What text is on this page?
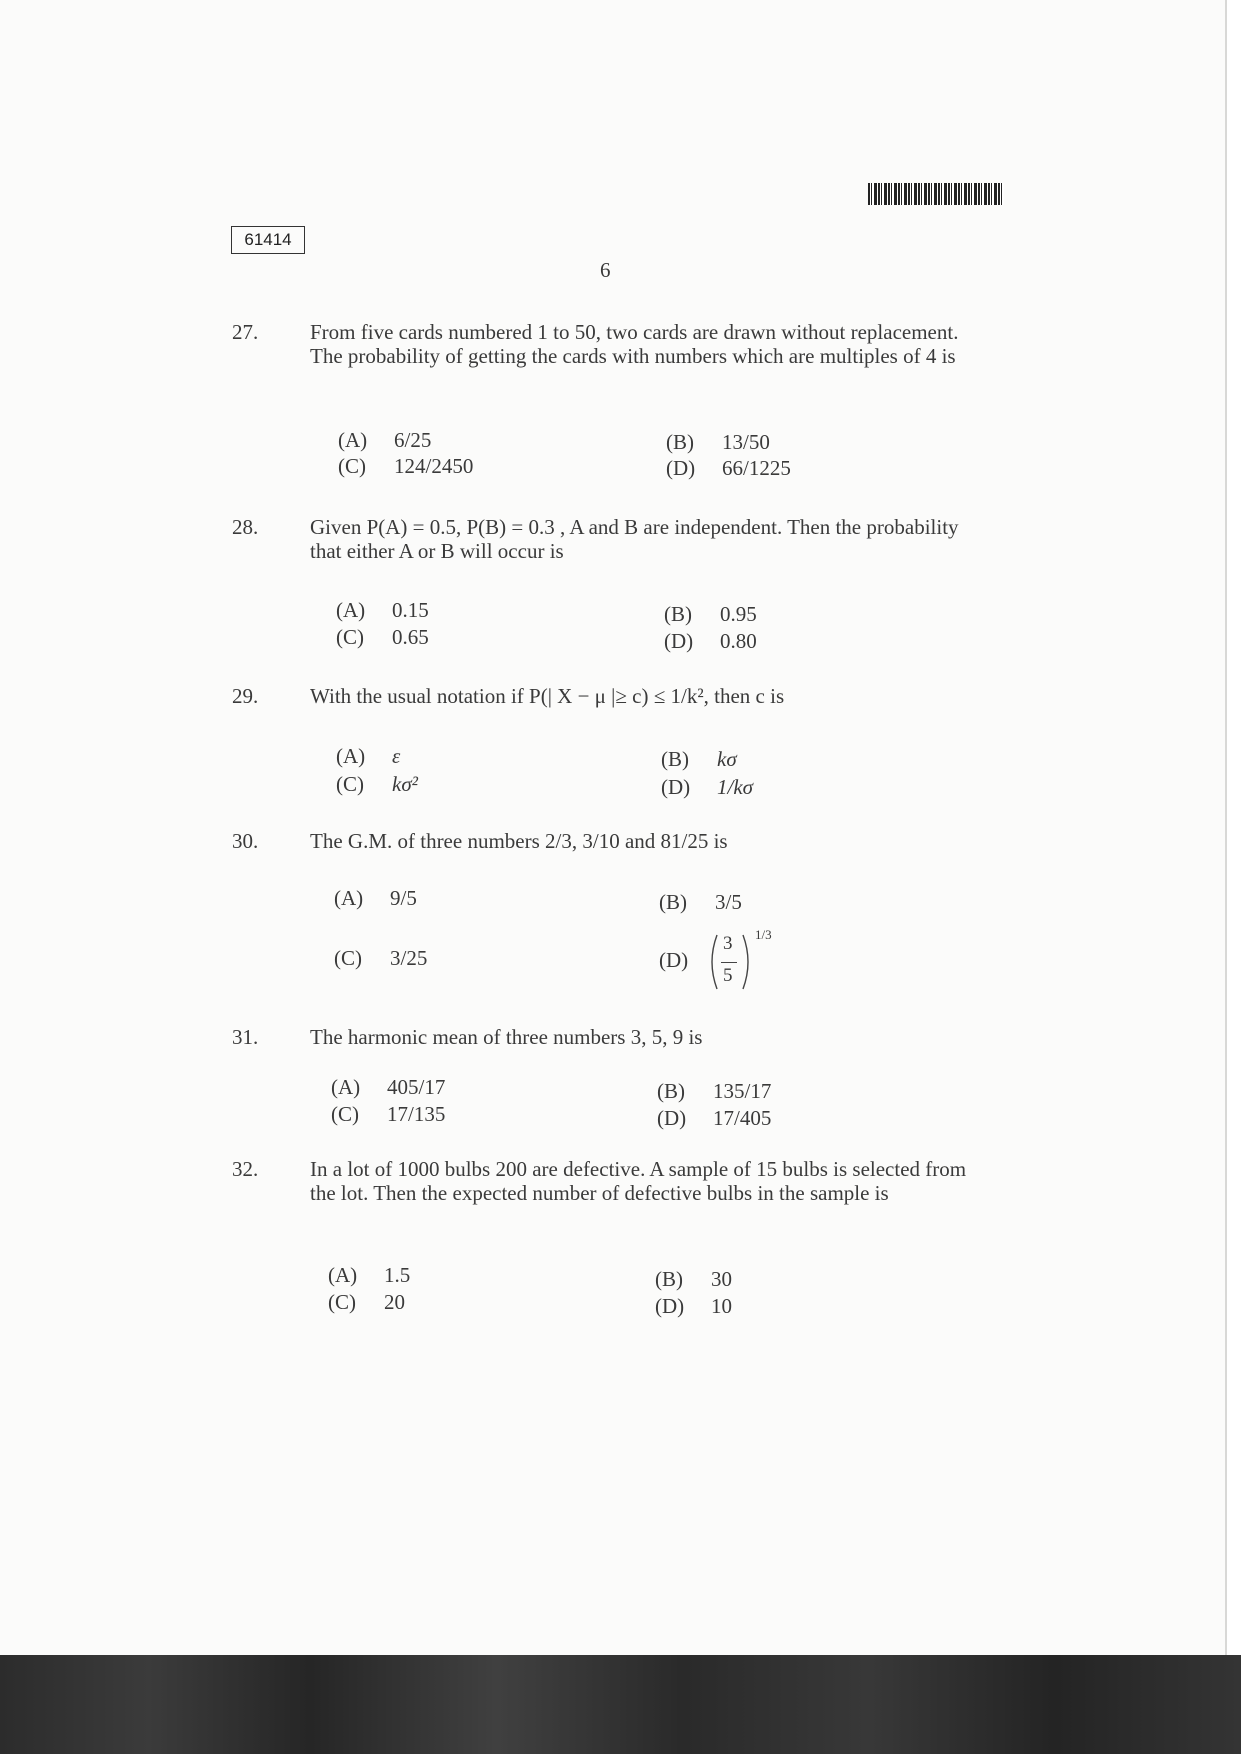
61414
6
27.	From five cards numbered 1 to 50, two cards are drawn without replacement. The probability of getting the cards with numbers which are multiples of 4 is
(A) 6/25	(B) 13/50
(C) 124/2450	(D) 66/1225
28.	Given P(A) = 0.5, P(B) = 0.3 , A and B are independent. Then the probability that either A or B will occur is
(A) 0.15	(B) 0.95
(C) 0.65	(D) 0.80
29.	With the usual notation if P(| X − μ |≥ c) ≤ 1/k², then c is
(A) ε	(B) kσ
(C) kσ²	(D) 1/kσ
30.	The G.M. of three numbers 2/3, 3/10 and 81/25 is
(A) 9/5	(B) 3/5
(C) 3/25	(D)
3
5
1/3
31.	The harmonic mean of three numbers 3, 5, 9 is
(A) 405/17	(B) 135/17
(C) 17/135	(D) 17/405
32.	In a lot of 1000 bulbs 200 are defective. A sample of 15 bulbs is selected from the lot. Then the expected number of defective bulbs in the sample is
(A) 1.5	(B) 30
(C) 20	(D) 10
